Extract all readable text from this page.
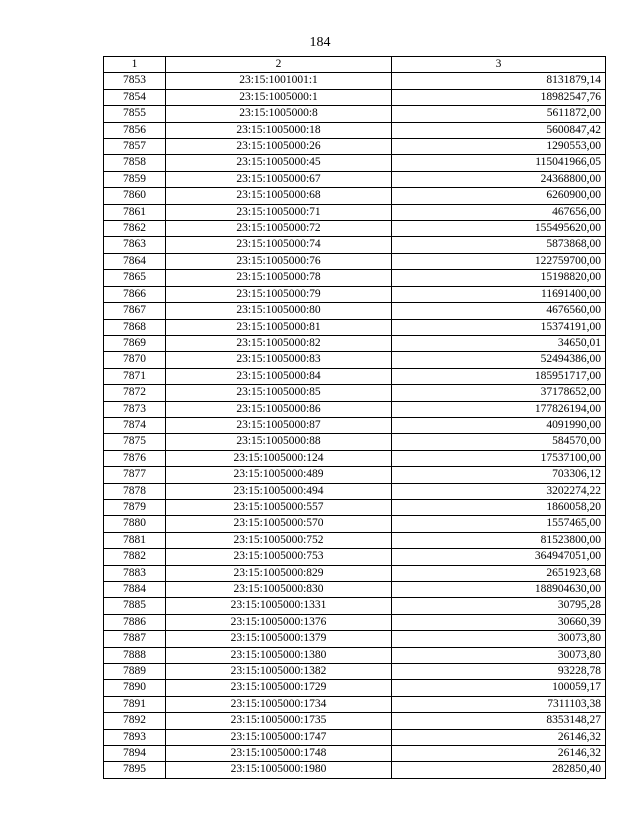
184
1	2	3
7853	23:15:1001001:1	8131879,14
7854	23:15:1005000:1	18982547,76
7855	23:15:1005000:8	5611872,00
7856	23:15:1005000:18	5600847,42
7857	23:15:1005000:26	1290553,00
7858	23:15:1005000:45	115041966,05
7859	23:15:1005000:67	24368800,00
7860	23:15:1005000:68	6260900,00
7861	23:15:1005000:71	467656,00
7862	23:15:1005000:72	155495620,00
7863	23:15:1005000:74	5873868,00
7864	23:15:1005000:76	122759700,00
7865	23:15:1005000:78	15198820,00
7866	23:15:1005000:79	11691400,00
7867	23:15:1005000:80	4676560,00
7868	23:15:1005000:81	15374191,00
7869	23:15:1005000:82	34650,01
7870	23:15:1005000:83	52494386,00
7871	23:15:1005000:84	185951717,00
7872	23:15:1005000:85	37178652,00
7873	23:15:1005000:86	177826194,00
7874	23:15:1005000:87	4091990,00
7875	23:15:1005000:88	584570,00
7876	23:15:1005000:124	17537100,00
7877	23:15:1005000:489	703306,12
7878	23:15:1005000:494	3202274,22
7879	23:15:1005000:557	1860058,20
7880	23:15:1005000:570	1557465,00
7881	23:15:1005000:752	81523800,00
7882	23:15:1005000:753	364947051,00
7883	23:15:1005000:829	2651923,68
7884	23:15:1005000:830	188904630,00
7885	23:15:1005000:1331	30795,28
7886	23:15:1005000:1376	30660,39
7887	23:15:1005000:1379	30073,80
7888	23:15:1005000:1380	30073,80
7889	23:15:1005000:1382	93228,78
7890	23:15:1005000:1729	100059,17
7891	23:15:1005000:1734	7311103,38
7892	23:15:1005000:1735	8353148,27
7893	23:15:1005000:1747	26146,32
7894	23:15:1005000:1748	26146,32
7895	23:15:1005000:1980	282850,40
